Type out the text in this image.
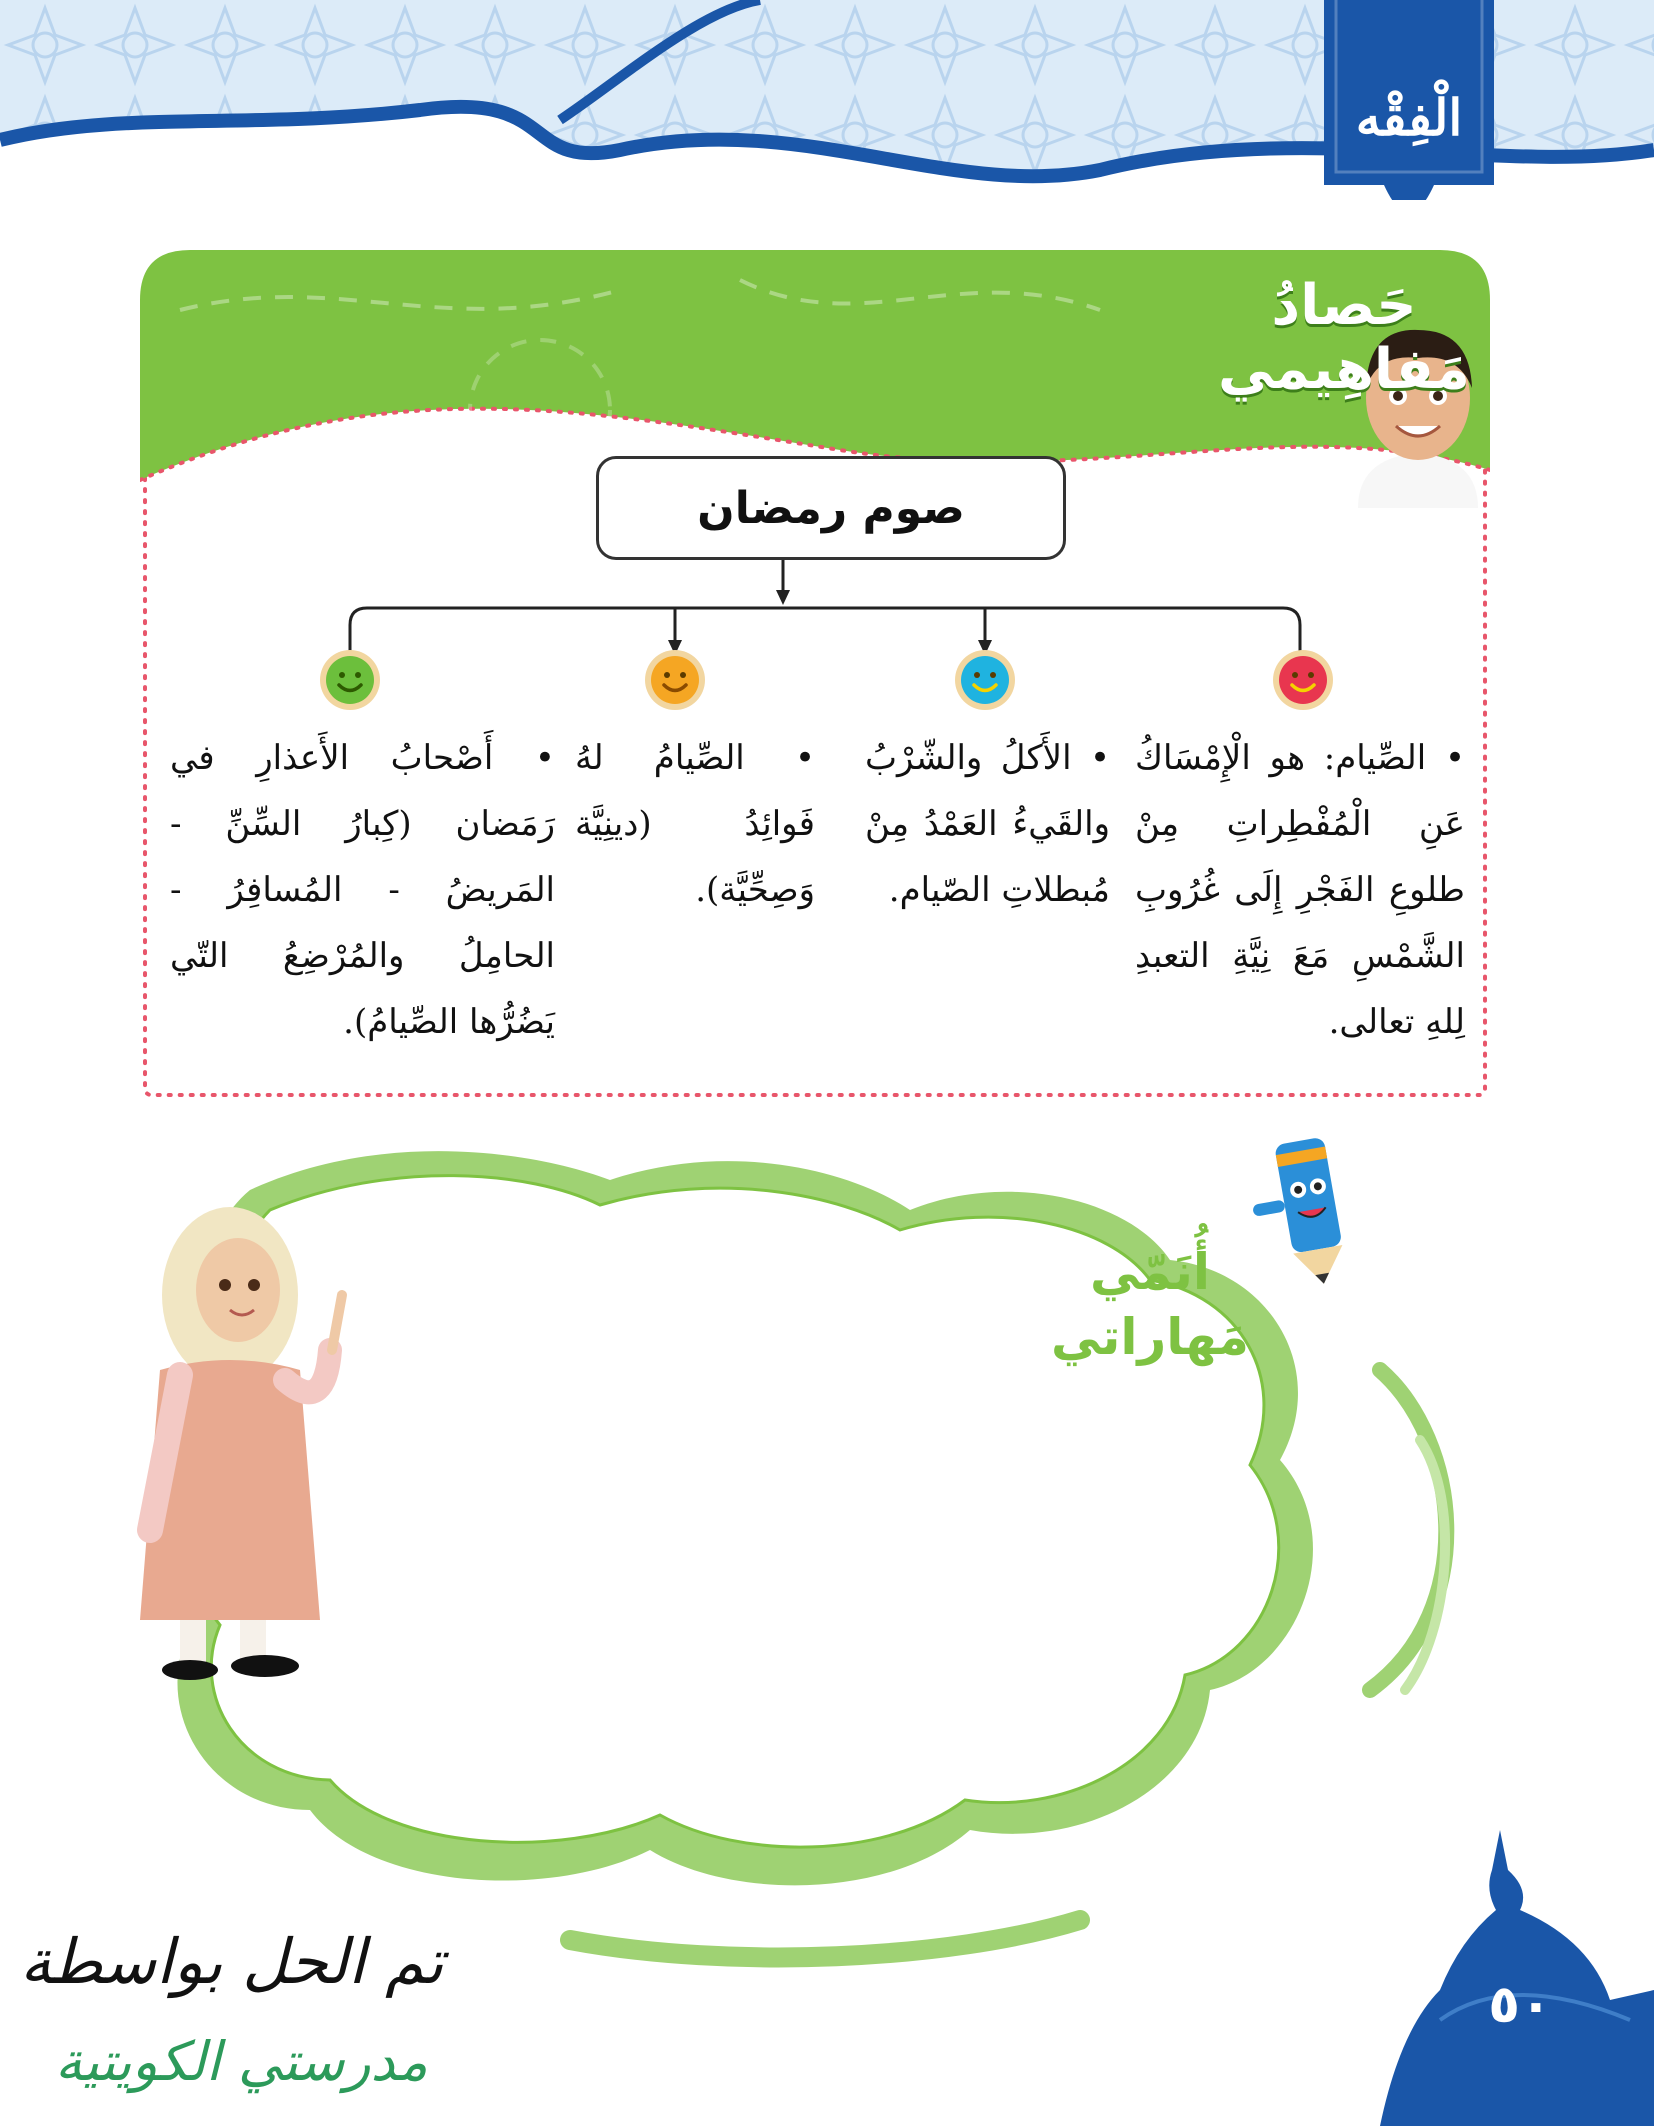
الْفِقْه
حَصادُ
مَفاهِيمي
صوم رمضان
• الصِّيام: هو الْإِمْسَاكُ عَنِ الْمُفْطِراتِ مِنْ طلوعِ الفَجْرِ إِلَى غُرُوبِ الشَّمْسِ مَعَ نِيَّةِ التعبدِ لِلهِ تعالى.
• الأَكلُ والشّرْبُ والقَيءُ العَمْدُ مِنْ مُبطلاتِ الصّيام.
• الصِّيامُ لهُ فَوائِدُ (دينِيَّة وَصِحِّيَّة).
• أَصْحابُ الأَعذارِ في رَمَضان (كِبارُ السِّنِّ - المَريضُ - المُسافِرُ - الحامِلُ والمُرْضِعُ التّي يَضُرُّها الصِّيامُ).
أُنَمّي
مَهاراتي
٥٠
تم الحل بواسطة
مدرستي الكويتية
